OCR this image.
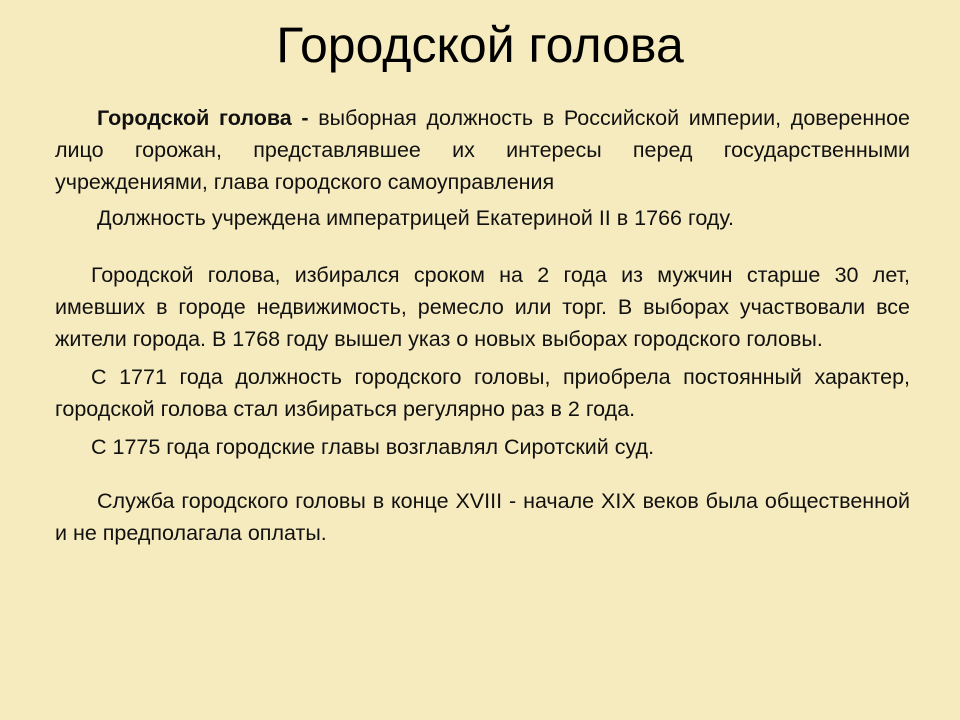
Городской голова

Городской голова - выборная должность в Российской империи, доверенное лицо горожан, представлявшее их интересы перед государственными учреждениями, глава городского самоуправления

Должность учреждена императрицей Екатериной II в 1766 году.

Городской голова, избирался сроком на 2 года из мужчин старше 30 лет, имевших в городе недвижимость, ремесло или торг. В выборах участвовали все жители города. В 1768 году вышел указ о новых выборах городского головы.

С 1771 года должность городского головы, приобрела постоянный характер, городской голова стал избираться регулярно раз в 2 года.

С 1775 года городские главы возглавлял Сиротский суд.

Служба городского головы в конце XVIII - начале XIX веков была общественной и не предполагала оплаты.
